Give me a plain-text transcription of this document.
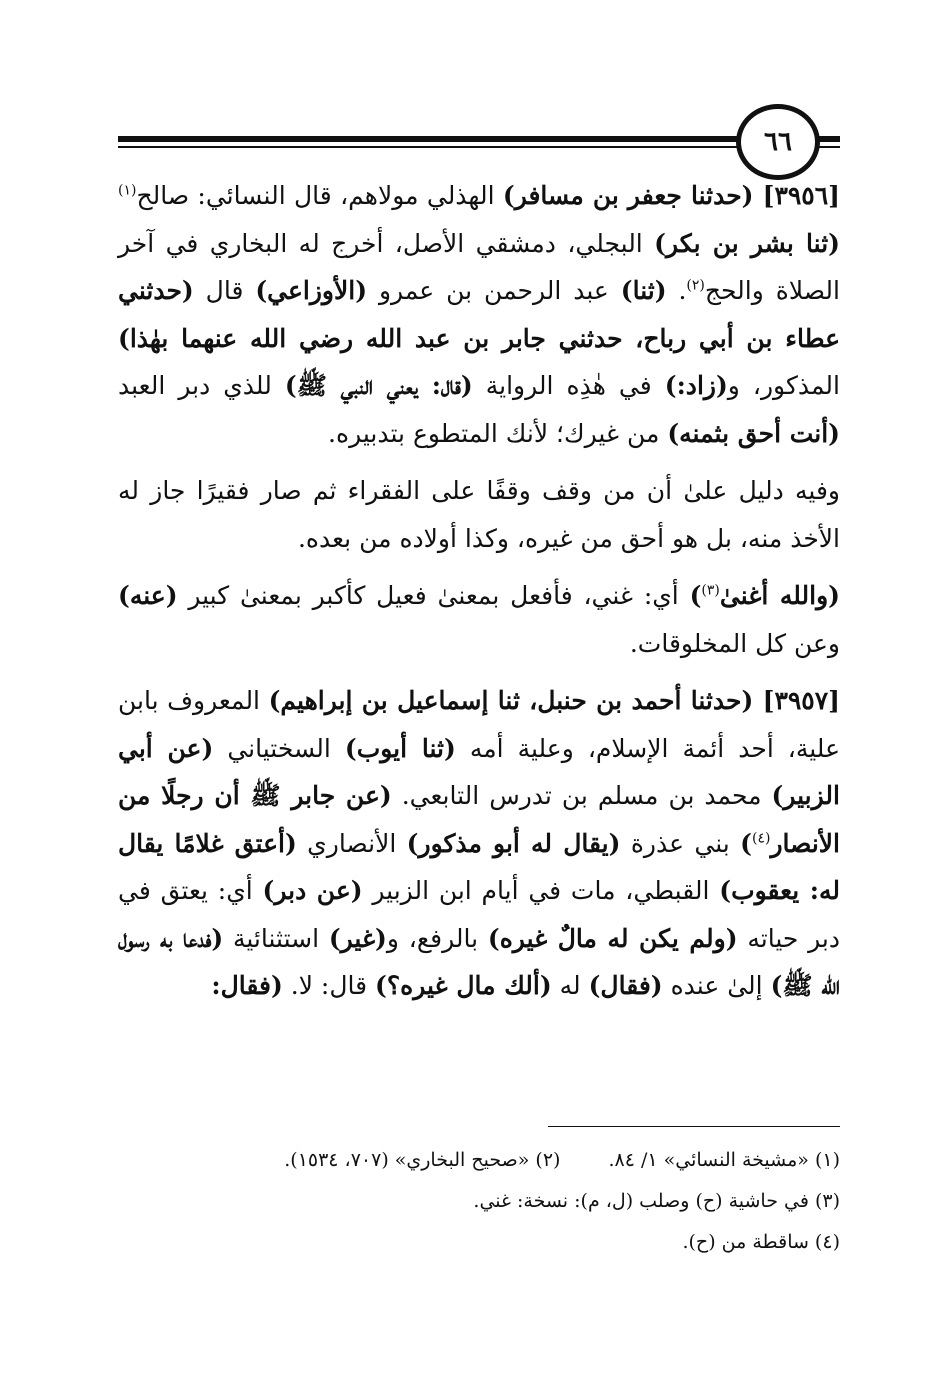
٦٦

[٣٩٥٦] (حدثنا جعفر بن مسافر) الهذلي مولاهم، قال النسائي: صالح$^{(١)}$ (ثنا بشر بن بكر) البجلي، دمشقي الأصل، أخرج له البخاري في آخر الصلاة والحج$^{(٢)}$. (ثنا) عبد الرحمن بن عمرو (الأوزاعي) قال (حدثني عطاء بن أبي رباح، حدثني جابر بن عبد الله رضي الله عنهما بهٰذا) المذكور، و(زاد:) في هٰذِه الرواية (قال: يعني النبي ﷺ) للذي دبر العبد (أنت أحق بثمنه) من غيرك؛ لأنك المتطوع بتدبيره.

وفيه دليل علىٰ أن من وقف وقفًا على الفقراء ثم صار فقيرًا جاز له الأخذ منه، بل هو أحق من غيره، وكذا أولاده من بعده.

(والله أغنىٰ$^{(٣)}$) أي: غني، فأفعل بمعنىٰ فعيل كأكبر بمعنىٰ كبير (عنه) وعن كل المخلوقات.

[٣٩٥٧] (حدثنا أحمد بن حنبل، ثنا إسماعيل بن إبراهيم) المعروف بابن علية، أحد أئمة الإسلام، وعلية أمه (ثنا أيوب) السختياني (عن أبي الزبير) محمد بن مسلم بن تدرس التابعي. (عن جابر ﷺ أن رجلًا من الأنصار$^{(٤)}$) بني عذرة (يقال له أبو مذكور) الأنصاري (أعتق غلامًا يقال له: يعقوب) القبطي، مات في أيام ابن الزبير (عن دبر) أي: يعتق في دبر حياته (ولم يكن له مالٌ غيره) بالرفع، و(غير) استثنائية (فدعا به رسول الله ﷺ) إلىٰ عنده (فقال) له (ألك مال غيره؟) قال: لا. (فقال:

(١) «مشيخة النسائي» ١/ ٨٤.
(٢) «صحيح البخاري» (٧٠٧، ١٥٣٤).
(٣) في حاشية (ح) وصلب (ل، م): نسخة: غني.
(٤) ساقطة من (ح).
